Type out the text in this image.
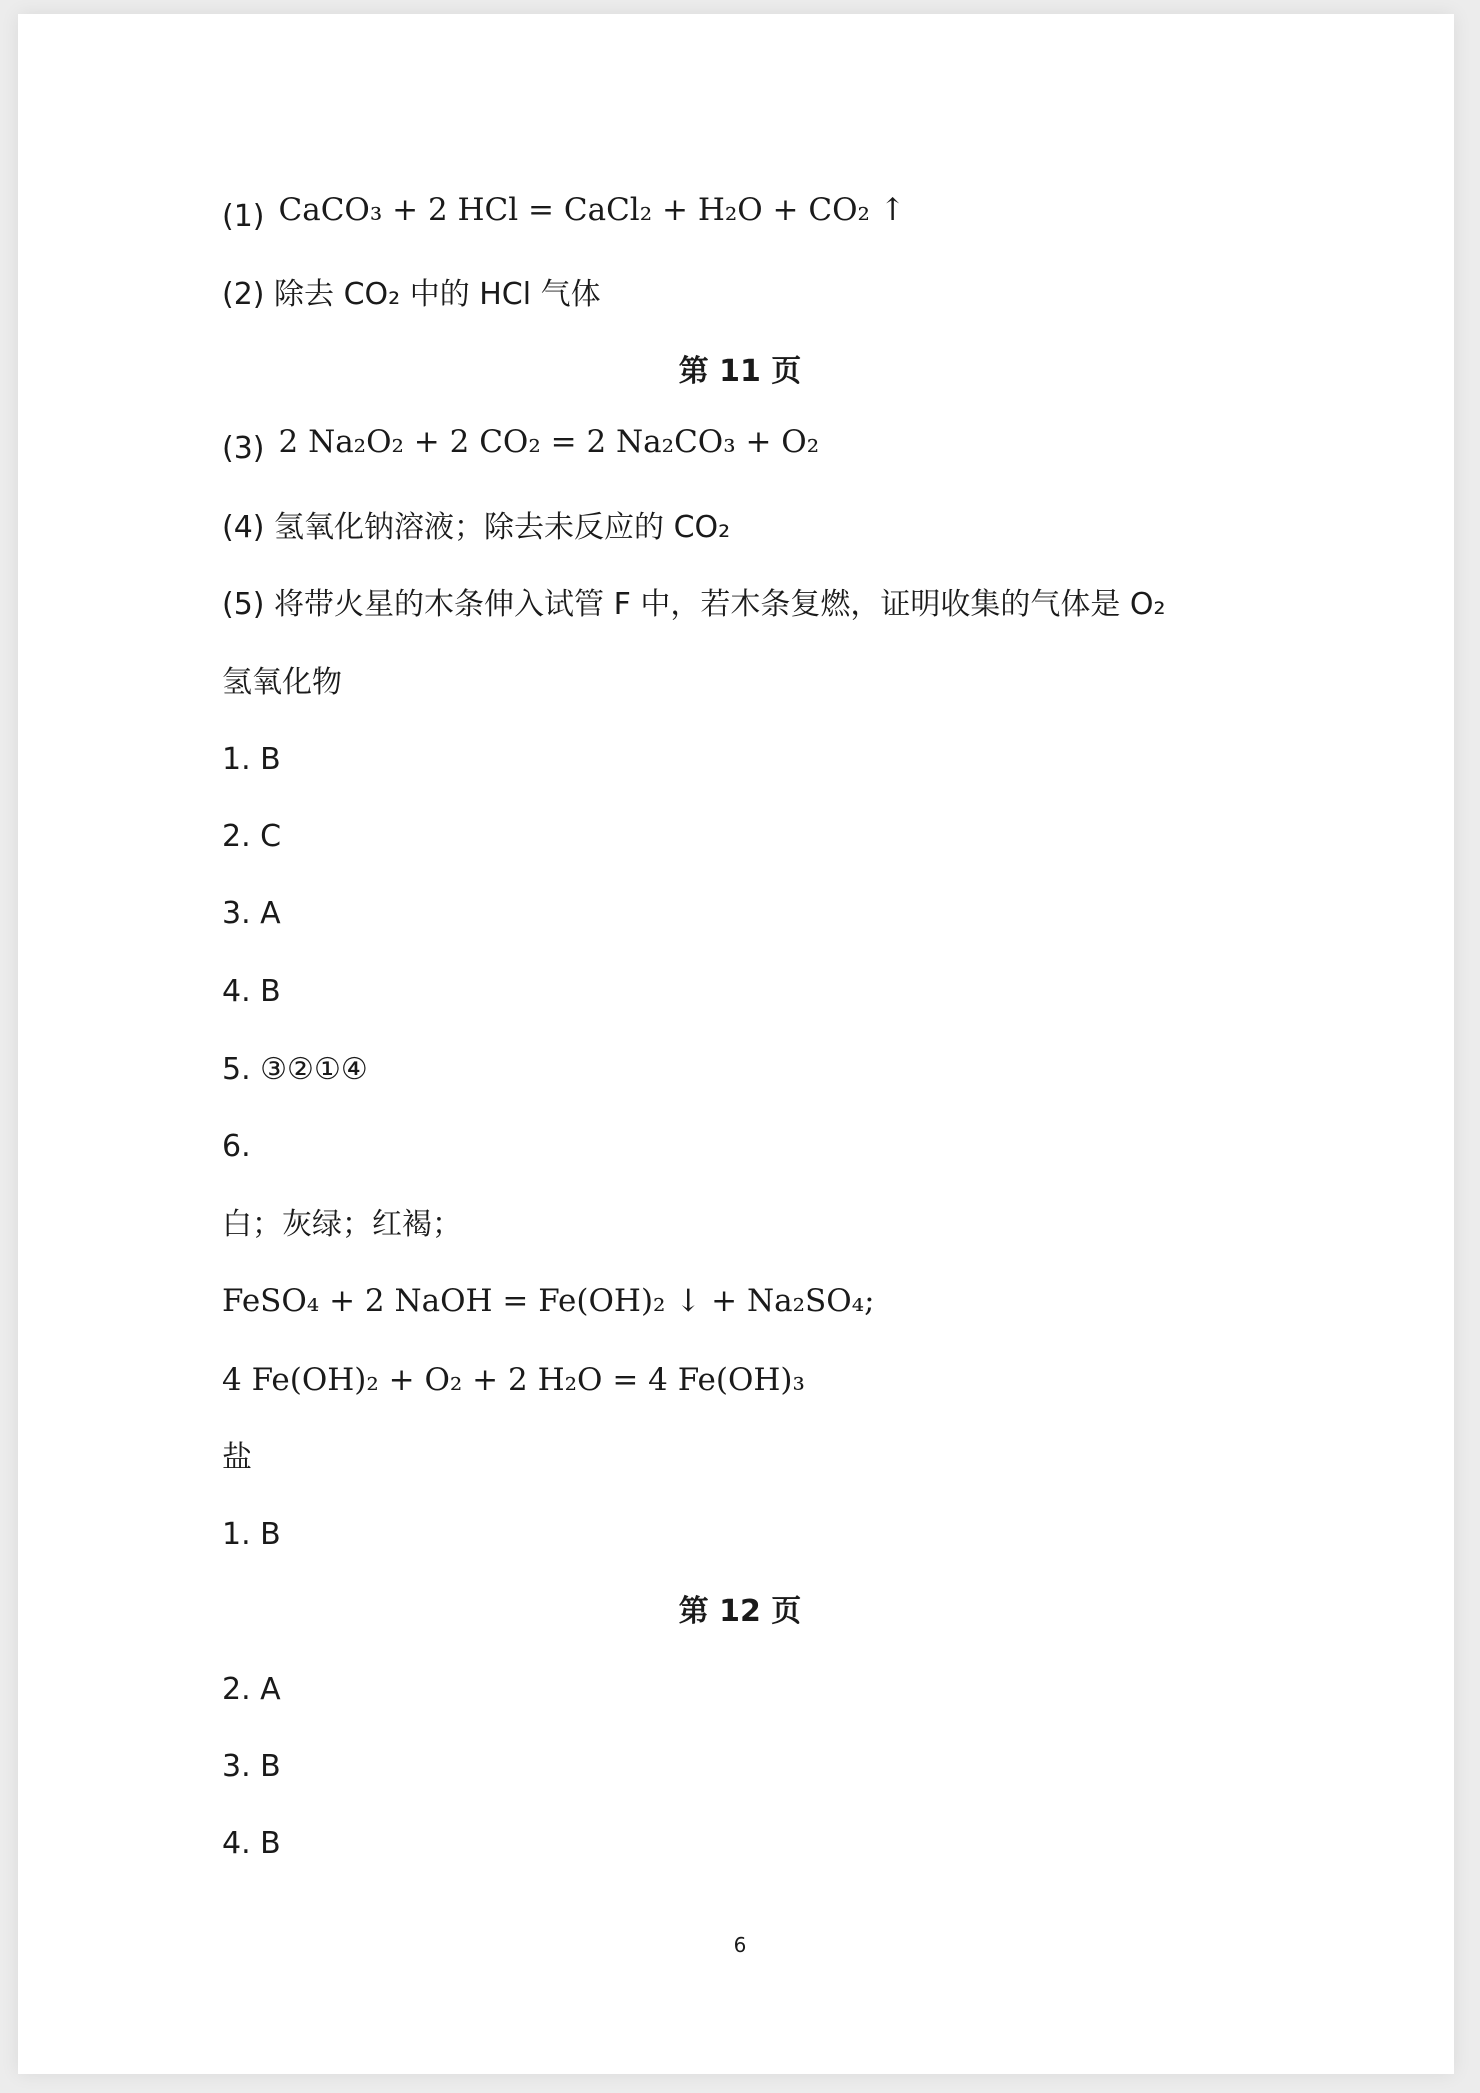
(1) CaCO₃ + 2 HCl = CaCl₂ + H₂O + CO₂ ↑
(2) 除去 CO₂ 中的 HCl 气体
第 11 页
(3) 2 Na₂O₂ + 2 CO₂ = 2 Na₂CO₃ + O₂
(4) 氢氧化钠溶液；除去未反应的 CO₂
(5) 将带火星的木条伸入试管 F 中，若木条复燃，证明收集的气体是 O₂
氢氧化物
1. B
2. C
3. A
4. B
5. ③②①④
6.
白；灰绿；红褐；
FeSO₄ + 2 NaOH = Fe(OH)₂ ↓ + Na₂SO₄;
4 Fe(OH)₂ + O₂ + 2 H₂O = 4 Fe(OH)₃
盐
1. B
第 12 页
2. A
3. B
4. B
6
